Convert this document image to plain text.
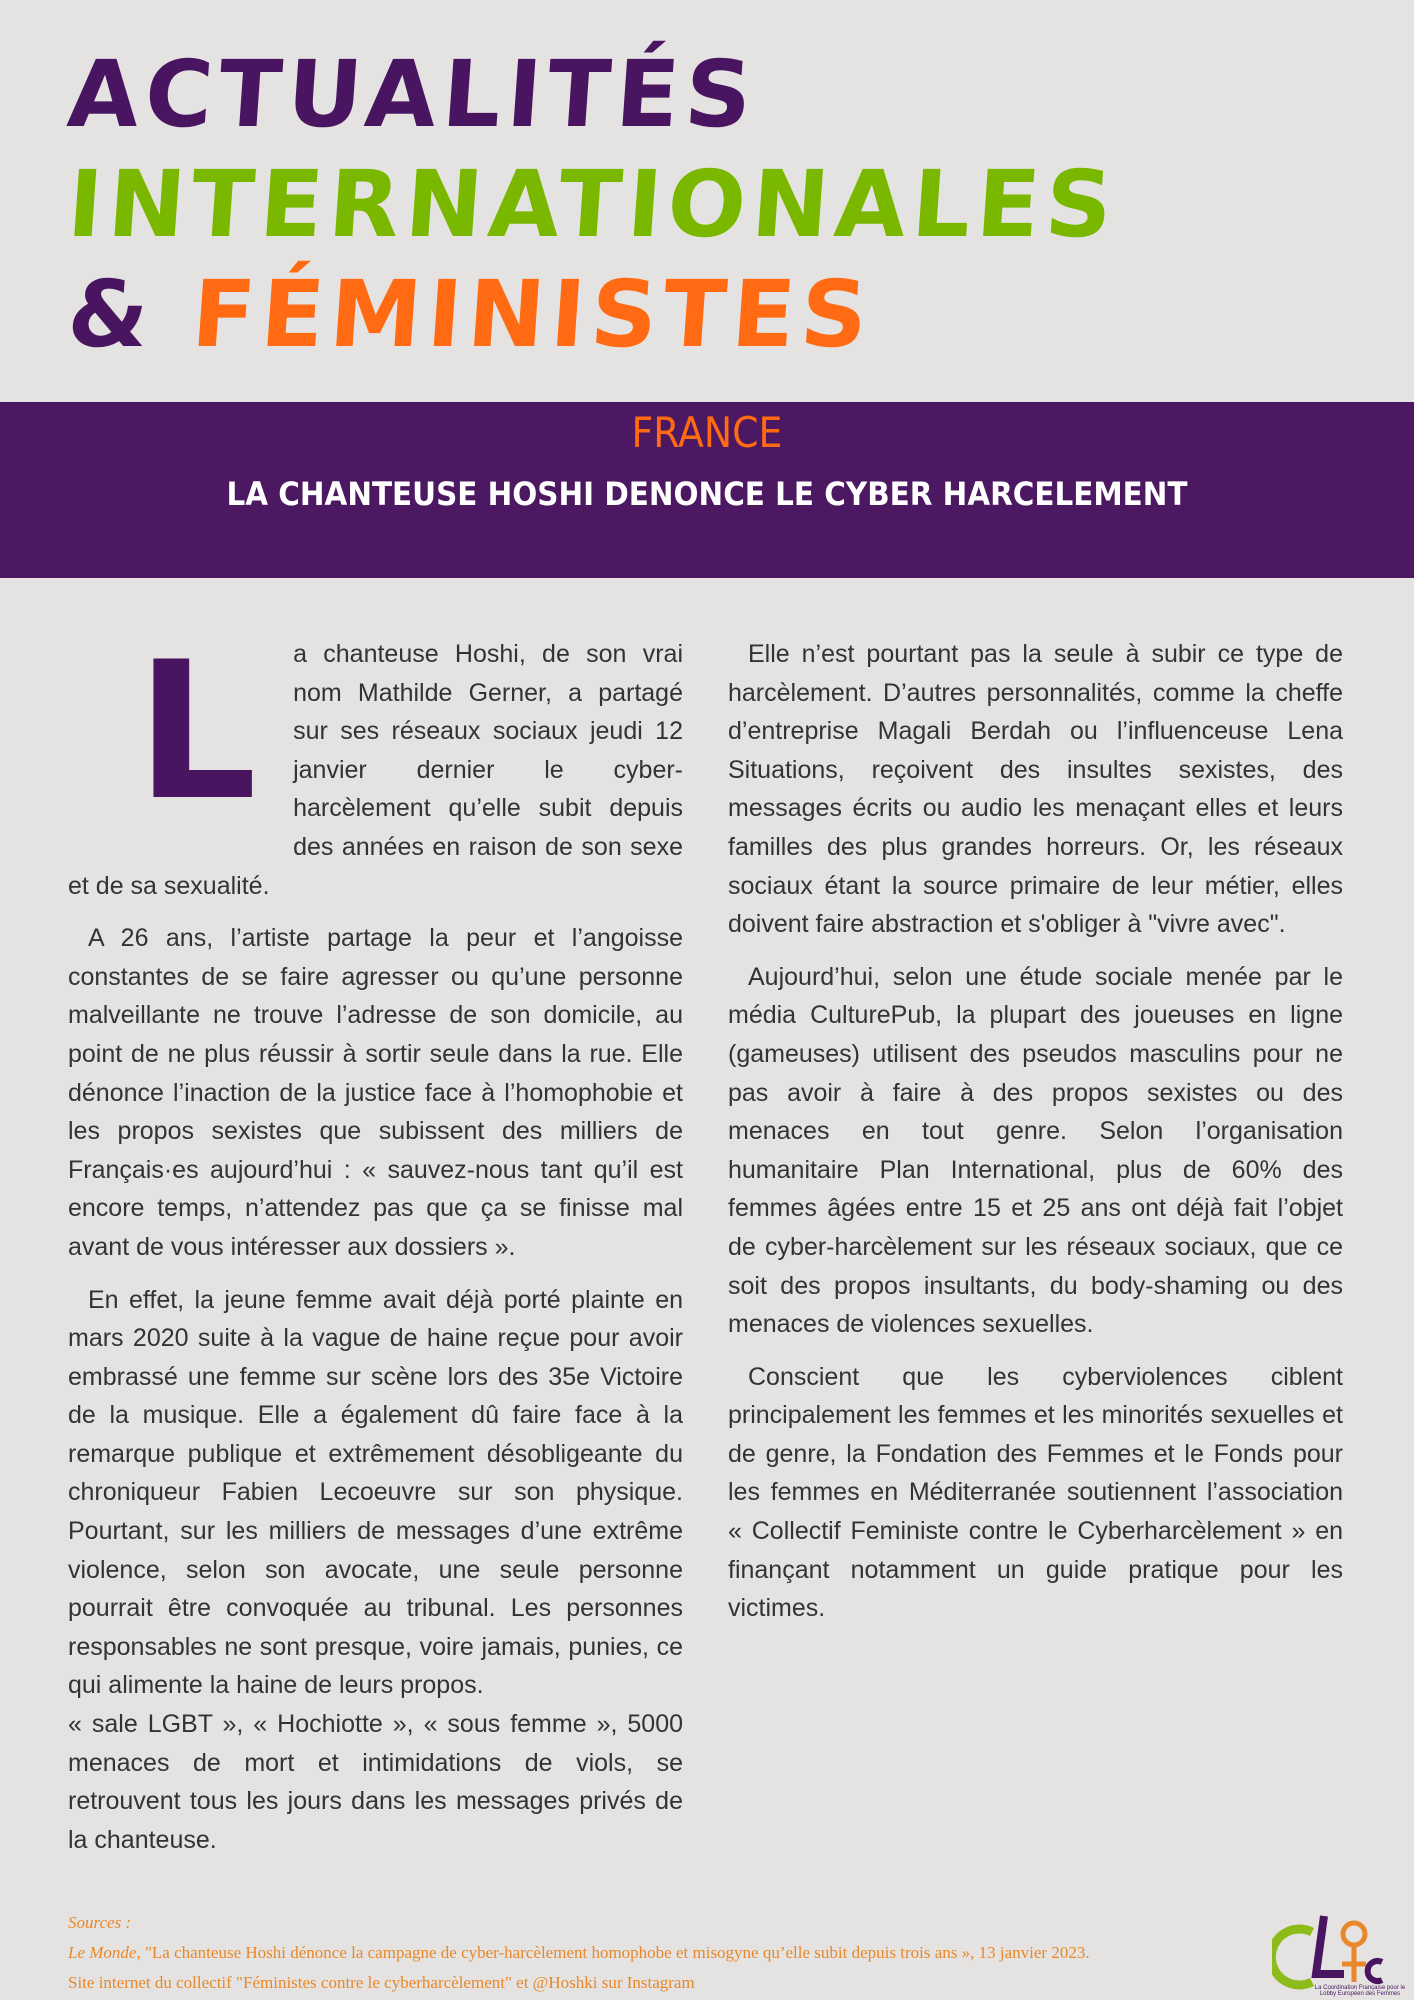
ACTUALITÉS
INTERNATIONALES
& FÉMINISTES
FRANCE
LA CHANTEUSE HOSHI DENONCE LE CYBER HARCELEMENT

L a chanteuse Hoshi, de son vrai nom Mathilde Gerner, a partagé sur ses réseaux sociaux jeudi 12 janvier dernier le cyber-harcèlement qu’elle subit depuis des années en raison de son sexe et de sa sexualité.

A 26 ans, l’artiste partage la peur et l’angoisse constantes de se faire agresser ou qu’une personne malveillante ne trouve l’adresse de son domicile, au point de ne plus réussir à sortir seule dans la rue. Elle dénonce l’inaction de la justice face à l’homophobie et les propos sexistes que subissent des milliers de Français·es aujourd’hui : « sauvez-nous tant qu’il est encore temps, n’attendez pas que ça se finisse mal avant de vous intéresser aux dossiers ».

En effet, la jeune femme avait déjà porté plainte en mars 2020 suite à la vague de haine reçue pour avoir embrassé une femme sur scène lors des 35e Victoire de la musique. Elle a également dû faire face à la remarque publique et extrêmement désobligeante du chroniqueur Fabien Lecoeuvre sur son physique. Pourtant, sur les milliers de messages d’une extrême violence, selon son avocate, une seule personne pourrait être convoquée au tribunal. Les personnes responsables ne sont presque, voire jamais, punies, ce qui alimente la haine de leurs propos.

« sale LGBT », « Hochiotte », « sous femme », 5000 menaces de mort et intimidations de viols, se retrouvent tous les jours dans les messages privés de la chanteuse.

Elle n’est pourtant pas la seule à subir ce type de harcèlement. D’autres personnalités, comme la cheffe d’entreprise Magali Berdah ou l’influenceuse Lena Situations, reçoivent des insultes sexistes, des messages écrits ou audio les menaçant elles et leurs familles des plus grandes horreurs. Or, les réseaux sociaux étant la source primaire de leur métier, elles doivent faire abstraction et s'obliger à "vivre avec".

Aujourd’hui, selon une étude sociale menée par le média CulturePub, la plupart des joueuses en ligne (gameuses) utilisent des pseudos masculins pour ne pas avoir à faire à des propos sexistes ou des menaces en tout genre. Selon l’organisation humanitaire Plan International, plus de 60% des femmes âgées entre 15 et 25 ans ont déjà fait l’objet de cyber-harcèlement sur les réseaux sociaux, que ce soit des propos insultants, du body-shaming ou des menaces de violences sexuelles.

Conscient que les cyberviolences ciblent principalement les femmes et les minorités sexuelles et de genre, la Fondation des Femmes et le Fonds pour les femmes en Méditerranée soutiennent l’association « Collectif Feministe contre le Cyberharcèlement » en finançant notamment un guide pratique pour les victimes.

Sources :
Le Monde, "La chanteuse Hoshi dénonce la campagne de cyber-harcèlement homophobe et misogyne qu’elle subit depuis trois ans », 13 janvier 2023.
Site internet du collectif "Féministes contre le cyberharcèlement" et @Hoshki sur Instagram	La Coordination Française pour le Lobby Européen des Femmes
